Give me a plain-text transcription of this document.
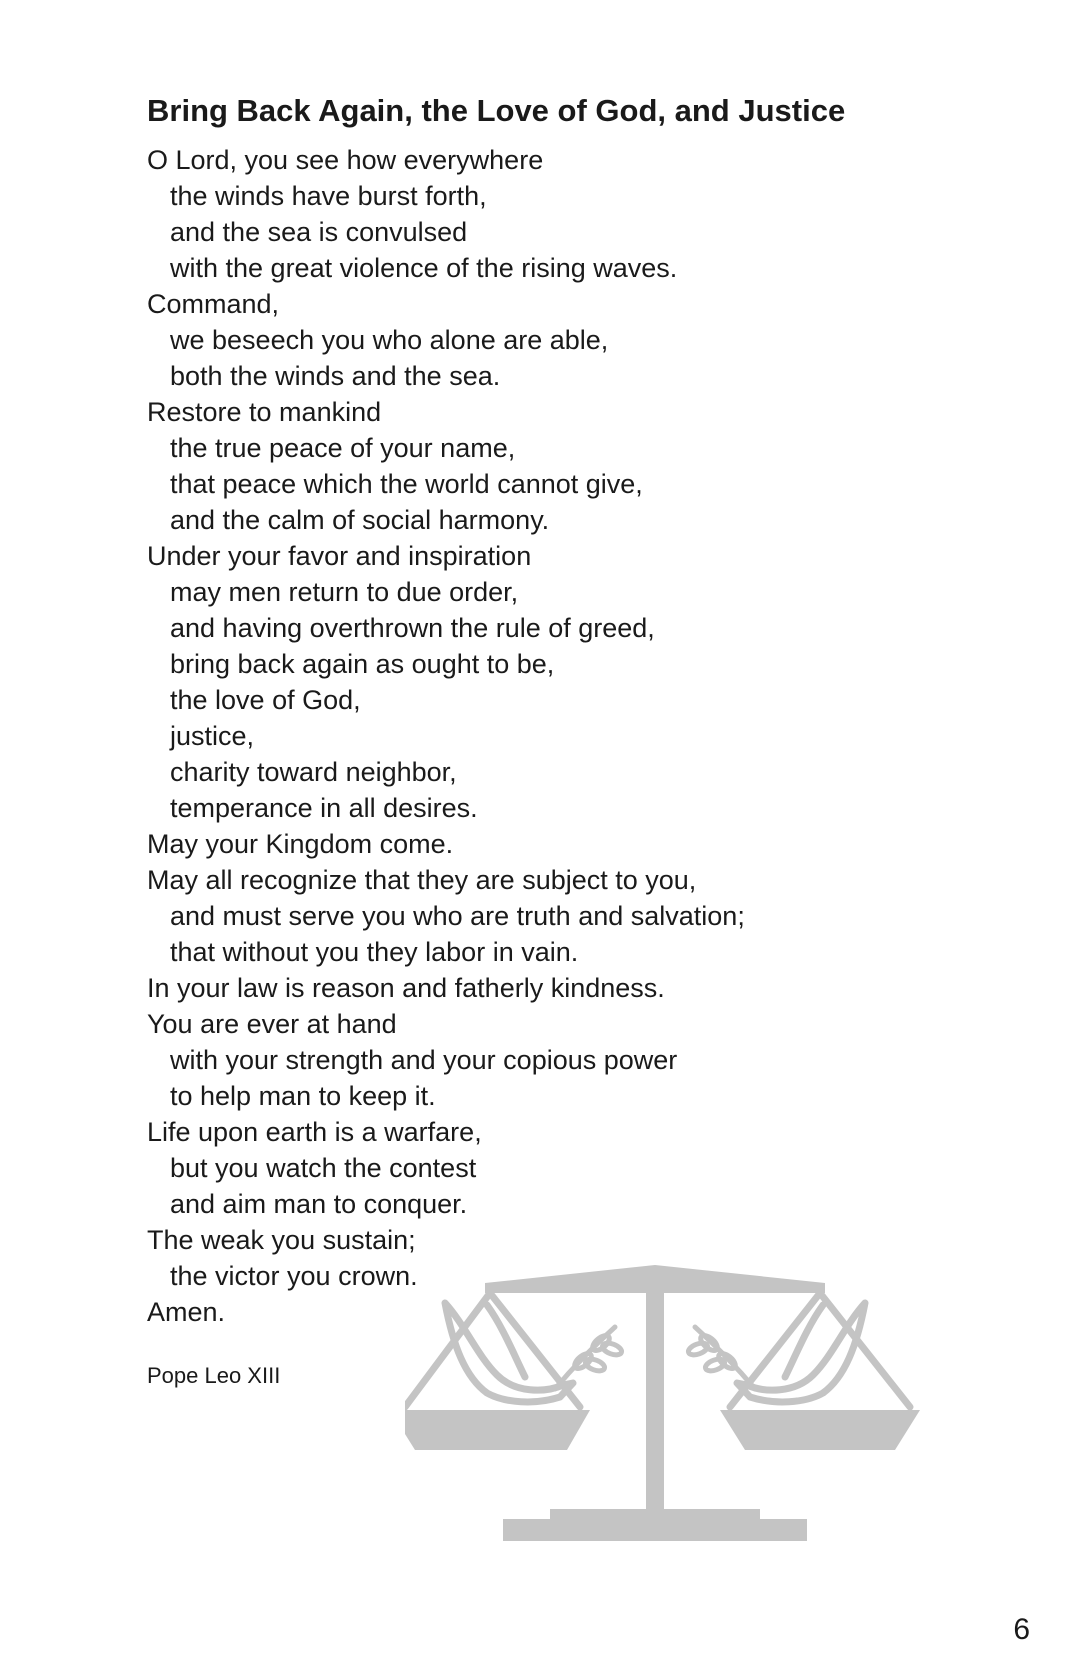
Bring Back Again, the Love of God, and Justice
O Lord, you see how everywhere
the winds have burst forth,
and the sea is convulsed
with the great violence of the rising waves.
Command,
we beseech you who alone are able,
both the winds and the sea.
Restore to mankind
the true peace of your name,
that peace which the world cannot give,
and the calm of social harmony.
Under your favor and inspiration
may men return to due order,
and having overthrown the rule of greed,
bring back again as ought to be,
the love of God,
justice,
charity toward neighbor,
temperance in all desires.
May your Kingdom come.
May all recognize that they are subject to you,
and must serve you who are truth and salvation;
that without you they labor in vain.
In your law is reason and fatherly kindness.
You are ever at hand
with your strength and your copious power
to help man to keep it.
Life upon earth is a warfare,
but you watch the contest
and aim man to conquer.
The weak you sustain;
the victor you crown.
Amen.
Pope Leo XIII
6
